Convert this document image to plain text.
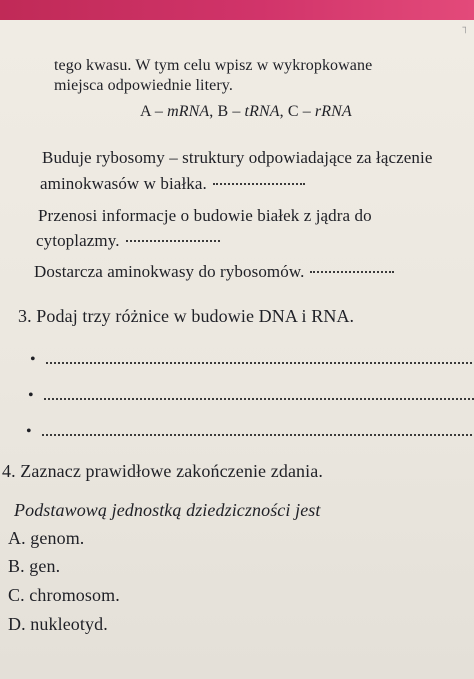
⌐
tego kwasu. W tym celu wpisz w wykropkowane
miejsca odpowiednie litery.
A – mRNA, B – tRNA, C – rRNA
Buduje rybosomy – struktury odpowiadające za łączenie
aminokwasów w białka.
Przenosi informacje o budowie białek z jądra do
cytoplazmy.
Dostarcza aminokwasy do rybosomów.
3. Podaj trzy różnice w budowie DNA i RNA.
•
•
•
4. Zaznacz prawidłowe zakończenie zdania.
Podstawową jednostką dziedziczności jest
A. genom.
B. gen.
C. chromosom.
D. nukleotyd.
